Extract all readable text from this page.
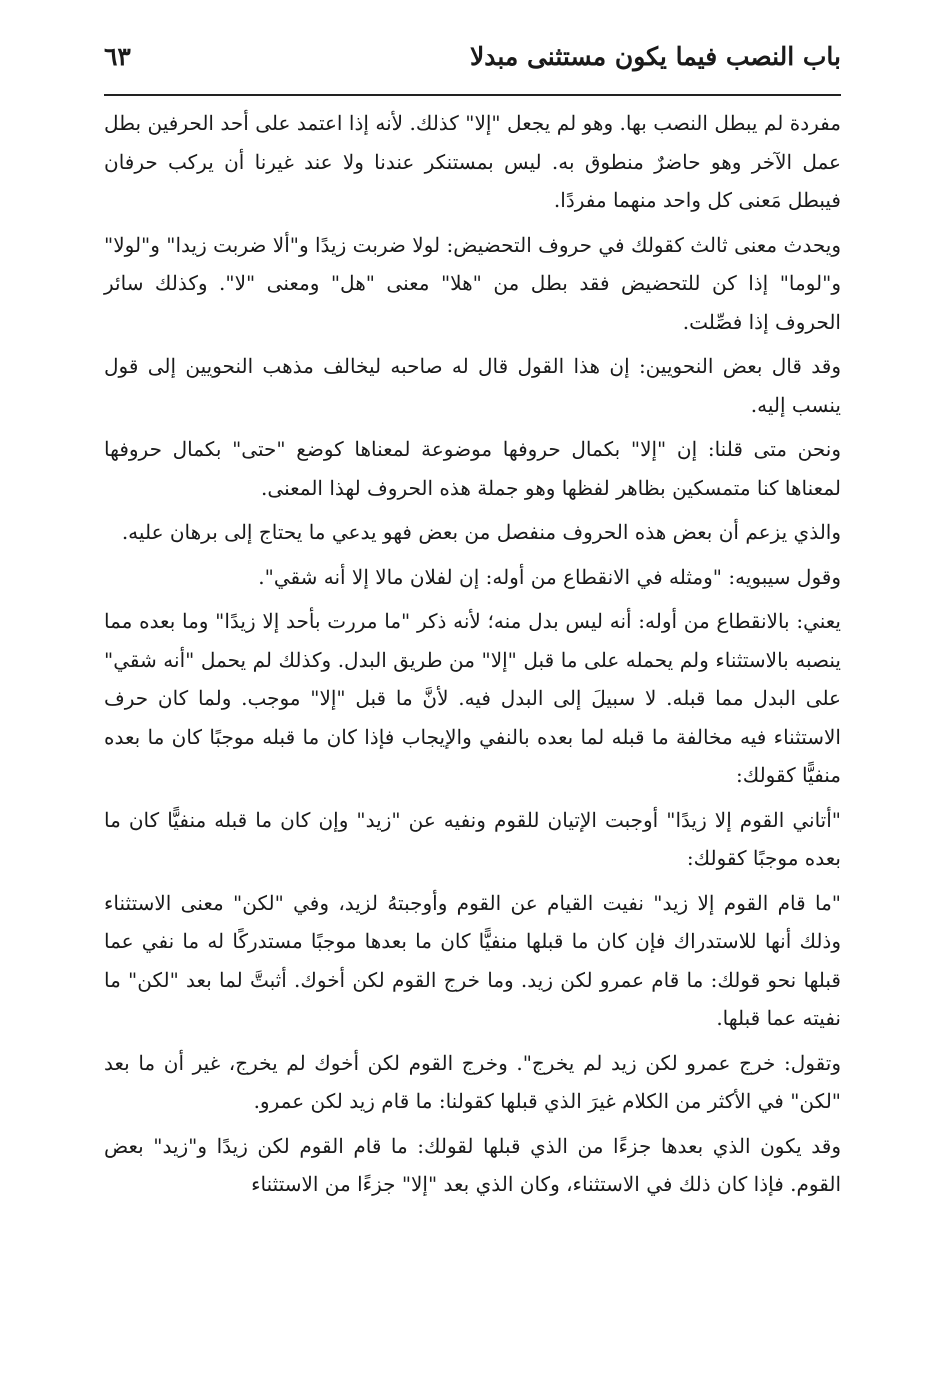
باب النصب فيما يكون مستثنى مبدلا
٦٣

مفردة لم يبطل النصب بها. وهو لم يجعل "إلا" كذلك. لأنه إذا اعتمد على أحد الحرفين بطل عمل الآخر وهو حاضرٌ منطوق به. ليس بمستنكر عندنا ولا عند غيرنا أن يركب حرفان فيبطل مَعنى كل واحد منهما مفردًا.

ويحدث معنى ثالث كقولك في حروف التحضيض: لولا ضربت زيدًا و"ألا ضربت زيدا" و"لولا" و"لوما" إذا كن للتحضيض فقد بطل من "هلا" معنى "هل" ومعنى "لا". وكذلك سائر الحروف إذا فصِّلت.

وقد قال بعض النحويين: إن هذا القول قال له صاحبه ليخالف مذهب النحويين إلى قول ينسب إليه.

ونحن متى قلنا: إن "إلا" بكمال حروفها موضوعة لمعناها كوضع "حتى" بكمال حروفها لمعناها كنا متمسكين بظاهر لفظها وهو جملة هذه الحروف لهذا المعنى.

والذي يزعم أن بعض هذه الحروف منفصل من بعض فهو يدعي ما يحتاج إلى برهان عليه.

وقول سيبويه: "ومثله في الانقطاع من أوله: إن لفلان مالا إلا أنه شقي".

يعني: بالانقطاع من أوله: أنه ليس بدل منه؛ لأنه ذكر "ما مررت بأحد إلا زيدًا" وما بعده مما ينصبه بالاستثناء ولم يحمله على ما قبل "إلا" من طريق البدل. وكذلك لم يحمل "أنه شقي" على البدل مما قبله. لا سبيلَ إلى البدل فيه. لأنَّ ما قبل "إلا" موجب. ولما كان حرف الاستثناء فيه مخالفة ما قبله لما بعده بالنفي والإيجاب فإذا كان ما قبله موجبًا كان ما بعده منفيًّا كقولك:

"أتاني القوم إلا زيدًا" أوجبت الإتيان للقوم ونفيه عن "زيد" وإن كان ما قبله منفيًّا كان ما بعده موجبًا كقولك:

"ما قام القوم إلا زيد" نفيت القيام عن القوم وأوجبتهُ لزيد، وفي "لكن" معنى الاستثناء وذلك أنها للاستدراك فإن كان ما قبلها منفيًّا كان ما بعدها موجبًا مستدركًا له ما نفي عما قبلها نحو قولك: ما قام عمرو لكن زيد. وما خرج القوم لكن أخوك. أثبتَّ لما بعد "لكن" ما نفيته عما قبلها.

وتقول: خرج عمرو لكن زيد لم يخرج". وخرج القوم لكن أخوك لم يخرج، غير أن ما بعد "لكن" في الأكثر من الكلام غيرَ الذي قبلها كقولنا: ما قام زيد لكن عمرو.

وقد يكون الذي بعدها جزءًا من الذي قبلها لقولك: ما قام القوم لكن زيدًا و"زيد" بعض القوم. فإذا كان ذلك في الاستثناء، وكان الذي بعد "إلا" جزءًا من الاستثناء
